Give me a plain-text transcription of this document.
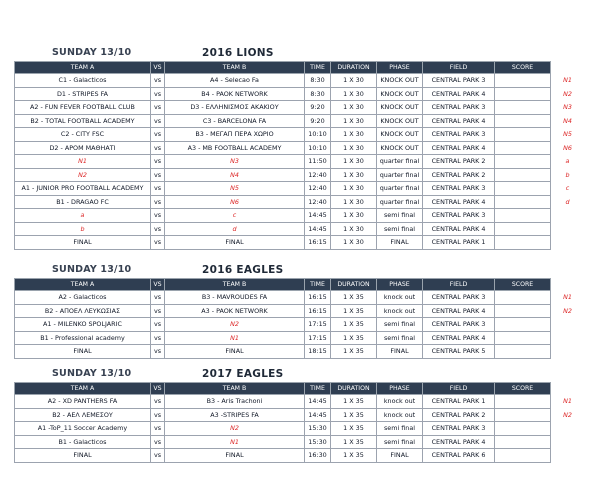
SUNDAY 13/10	2016 LIONS
TEAM A	VS	TEAM B	TIME	DURATION	PHASE	FIELD	SCORE	
C1 - Galacticos	vs	A4 - Selecao Fa	8:30	1 X 30	KNOCK OUT	CENTRAL PARK 3		N1
D1 - STRIPES FA	vs	B4 - PAOK NETWORK	8:30	1 X 30	KNOCK OUT	CENTRAL PARK 4		N2
A2 - FUN FEVER FOOTBALL CLUB	vs	D3 - ΕΛΛΗΝΙΣΜΟΣ ΑΚΑΚΙΟΥ	9:20	1 X 30	KNOCK OUT	CENTRAL PARK 3		N3
B2 - TOTAL FOOTBALL ACADEMY	vs	C3 - BARCELONA FA	9:20	1 X 30	KNOCK OUT	CENTRAL PARK 4		N4
C2 - CITY FSC	vs	B3 - ΜΕΓΑΠ ΠΕΡΑ ΧΩΡΙΟ	10:10	1 X 30	KNOCK OUT	CENTRAL PARK 3		N5
D2 - ΑΡΟΜ ΜΑΘΗΑΤΙ	vs	A3 - MB FOOTBALL ACADEMY	10:10	1 X 30	KNOCK OUT	CENTRAL PARK 4		N6
N1	vs	N3	11:50	1 X 30	quarter final	CENTRAL PARK 2		a
N2	vs	N4	12:40	1 X 30	quarter final	CENTRAL PARK 2		b
A1 - JUNIOR PRO FOOTBALL ACADEMY	vs	N5	12:40	1 X 30	quarter final	CENTRAL PARK 3		c
B1 - DRAGAO FC	vs	N6	12:40	1 X 30	quarter final	CENTRAL PARK 4		d
a	vs	c	14:45	1 X 30	semi final	CENTRAL PARK 3		
b	vs	d	14:45	1 X 30	semi final	CENTRAL PARK 4		
FINAL	vs	FINAL	16:15	1 X 30	FINAL	CENTRAL PARK 1		
SUNDAY 13/10	2016 EAGLES
TEAM A	VS	TEAM B	TIME	DURATION	PHASE	FIELD	SCORE	
A2 - Galacticos	vs	B3 - MAVROUDES FA	16:15	1 X 35	knock out	CENTRAL PARK 3		N1
B2 - ΑΠΟΕΛ ΛΕΥΚΩΣΙΑΣ	vs	A3 - PAOK NETWORK	16:15	1 X 35	knock out	CENTRAL PARK 4		N2
A1 - MILENKO SPOLJARIC	vs	N2	17:15	1 X 35	semi final	CENTRAL PARK 3		
B1 - Professional academy	vs	N1	17:15	1 X 35	semi final	CENTRAL PARK 4		
FINAL	vs	FINAL	18:15	1 X 35	FINAL	CENTRAL PARK 5		
SUNDAY 13/10	2017 EAGLES
TEAM A	VS	TEAM B	TIME	DURATION	PHASE	FIELD	SCORE	
A2 - XD PANTHERS FA	vs	B3 - Aris Trachoni	14:45	1 X 35	knock out	CENTRAL PARK 1		N1
B2 - ΑΕΛ ΛΕΜΕΣΟΥ	vs	A3 -STRIPES FA	14:45	1 X 35	knock out	CENTRAL PARK 2		N2
A1 -ToP_11 Soccer Academy	vs	N2	15:30	1 X 35	semi final	CENTRAL PARK 3		
B1 - Galacticos	vs	N1	15:30	1 X 35	semi final	CENTRAL PARK 4		
FINAL	vs	FINAL	16:30	1 X 35	FINAL	CENTRAL PARK 6		
